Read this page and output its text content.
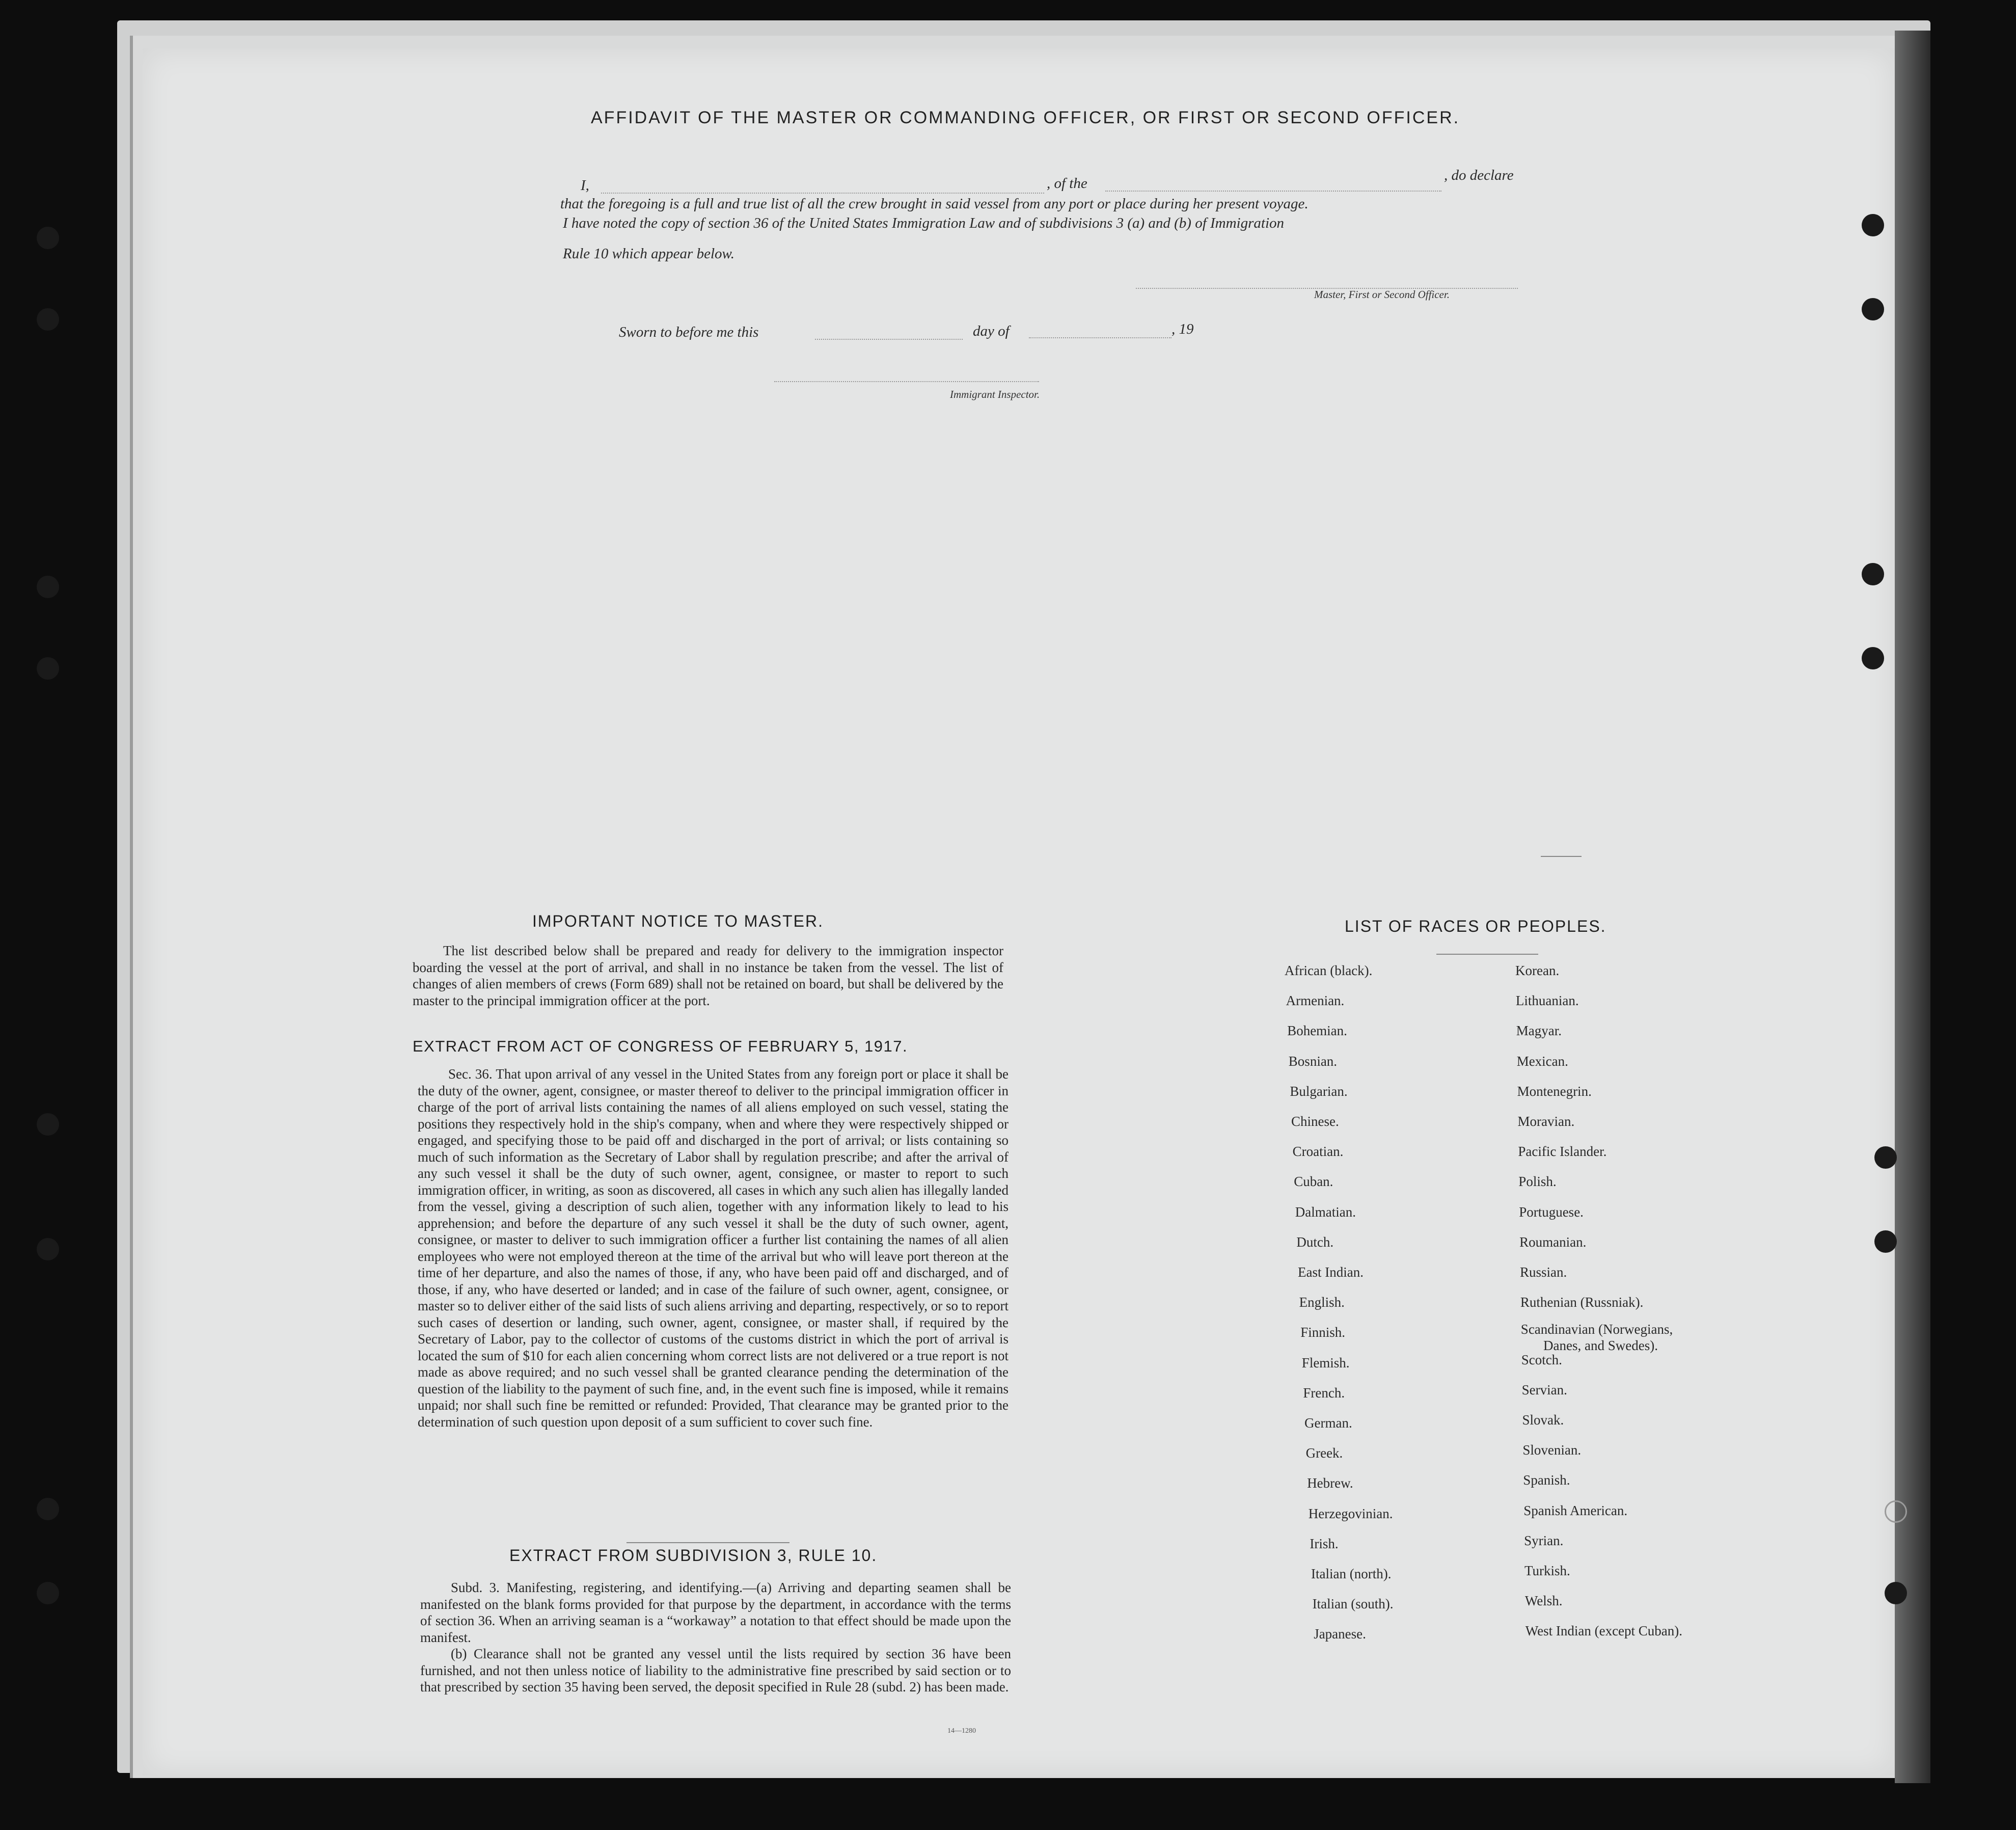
AFFIDAVIT OF THE MASTER OR COMMANDING OFFICER, OR FIRST OR SECOND OFFICER.
I,	, of the	, do declare
that the foregoing is a full and true list of all the crew brought in said vessel from any port or place during her present voyage.
I have noted the copy of section 36 of the United States Immigration Law and of subdivisions 3 (a) and (b) of Immigration
Rule 10 which appear below.
Master, First or Second Officer.
Sworn to before me this	day of	, 19
Immigrant Inspector.
IMPORTANT NOTICE TO MASTER.

The list described below shall be prepared and ready for delivery to the immigration inspector boarding the vessel at the port of arrival, and shall in no instance be taken from the vessel. The list of changes of alien members of crews (Form 689) shall not be retained on board, but shall be delivered by the master to the principal immigration officer at the port.

EXTRACT FROM ACT OF CONGRESS OF FEBRUARY 5, 1917.

Sec. 36. That upon arrival of any vessel in the United States from any foreign port or place it shall be the duty of the owner, agent, consignee, or master thereof to deliver to the principal immigration officer in charge of the port of arrival lists containing the names of all aliens employed on such vessel, stating the positions they respectively hold in the ship's company, when and where they were respectively shipped or engaged, and specifying those to be paid off and discharged in the port of arrival; or lists containing so much of such information as the Secretary of Labor shall by regulation prescribe; and after the arrival of any such vessel it shall be the duty of such owner, agent, consignee, or master to report to such immigration officer, in writing, as soon as discovered, all cases in which any such alien has illegally landed from the vessel, giving a description of such alien, together with any information likely to lead to his apprehension; and before the departure of any such vessel it shall be the duty of such owner, agent, consignee, or master to deliver to such immigration officer a further list containing the names of all alien employees who were not employed thereon at the time of the arrival but who will leave port thereon at the time of her departure, and also the names of those, if any, who have been paid off and discharged, and of those, if any, who have deserted or landed; and in case of the failure of such owner, agent, consignee, or master so to deliver either of the said lists of such aliens arriving and departing, respectively, or so to report such cases of desertion or landing, such owner, agent, consignee, or master shall, if required by the Secretary of Labor, pay to the collector of customs of the customs district in which the port of arrival is located the sum of $10 for each alien concerning whom correct lists are not delivered or a true report is not made as above required; and no such vessel shall be granted clearance pending the determination of the question of the liability to the payment of such fine, and, in the event such fine is imposed, while it remains unpaid; nor shall such fine be remitted or refunded: Provided, That clearance may be granted prior to the determination of such question upon deposit of a sum sufficient to cover such fine.

EXTRACT FROM SUBDIVISION 3, RULE 10.

Subd. 3. Manifesting, registering, and identifying.—(a) Arriving and departing seamen shall be manifested on the blank forms provided for that purpose by the department, in accordance with the terms of section 36. When an arriving seaman is a “workaway” a notation to that effect should be made upon the manifest.

(b) Clearance shall not be granted any vessel until the lists required by section 36 have been furnished, and not then unless notice of liability to the administrative fine prescribed by said section or to that prescribed by section 35 having been served, the deposit specified in Rule 28 (subd. 2) has been made.

14—1280
LIST OF RACES OR PEOPLES.
African (black).
Armenian.
Bohemian.
Bosnian.
Bulgarian.
Chinese.
Croatian.
Cuban.
Dalmatian.
Dutch.
East Indian.
English.
Finnish.
Flemish.
French.
German.
Greek.
Hebrew.
Herzegovinian.
Irish.
Italian (north).
Italian (south).
Japanese.
Korean.
Lithuanian.
Magyar.
Mexican.
Montenegrin.
Moravian.
Pacific Islander.
Polish.
Portuguese.
Roumanian.
Russian.
Ruthenian (Russniak).
Scandinavian (Norwegians,
Scotch.
Servian.
Slovak.
Slovenian.
Spanish.
Spanish American.
Syrian.
Turkish.
Welsh.
West Indian (except Cuban).
Danes, and Swedes).
